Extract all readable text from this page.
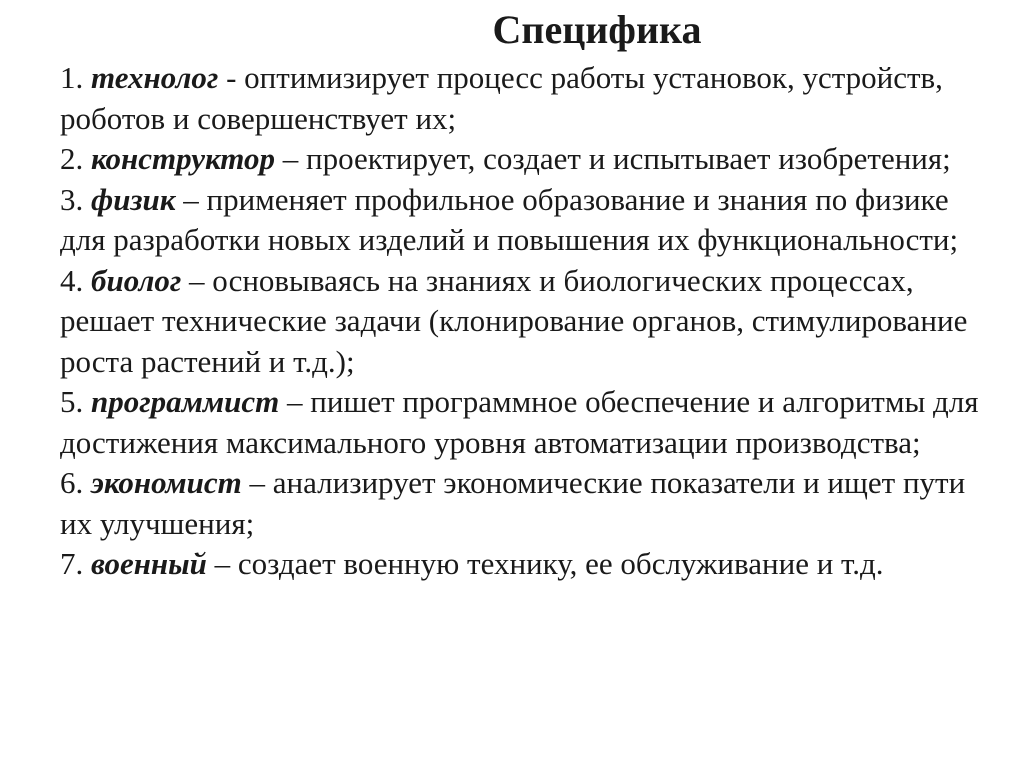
Специфика

1. технолог - оптимизирует процесс работы установок, устройств, роботов и совершенствует их;

2. конструктор – проектирует, создает и испытывает изобретения;

3. физик – применяет профильное образование и знания по физике для разработки новых изделий и повышения их функциональности;

4. биолог – основываясь на знаниях и биологических процессах, решает технические задачи (клонирование органов, стимулирование роста растений и т.д.);

5. программист – пишет программное обеспечение и алгоритмы для достижения максимального уровня автоматизации производства;

6. экономист – анализирует экономические показатели и ищет пути их улучшения;

7. военный – создает военную технику, ее обслуживание и т.д.
